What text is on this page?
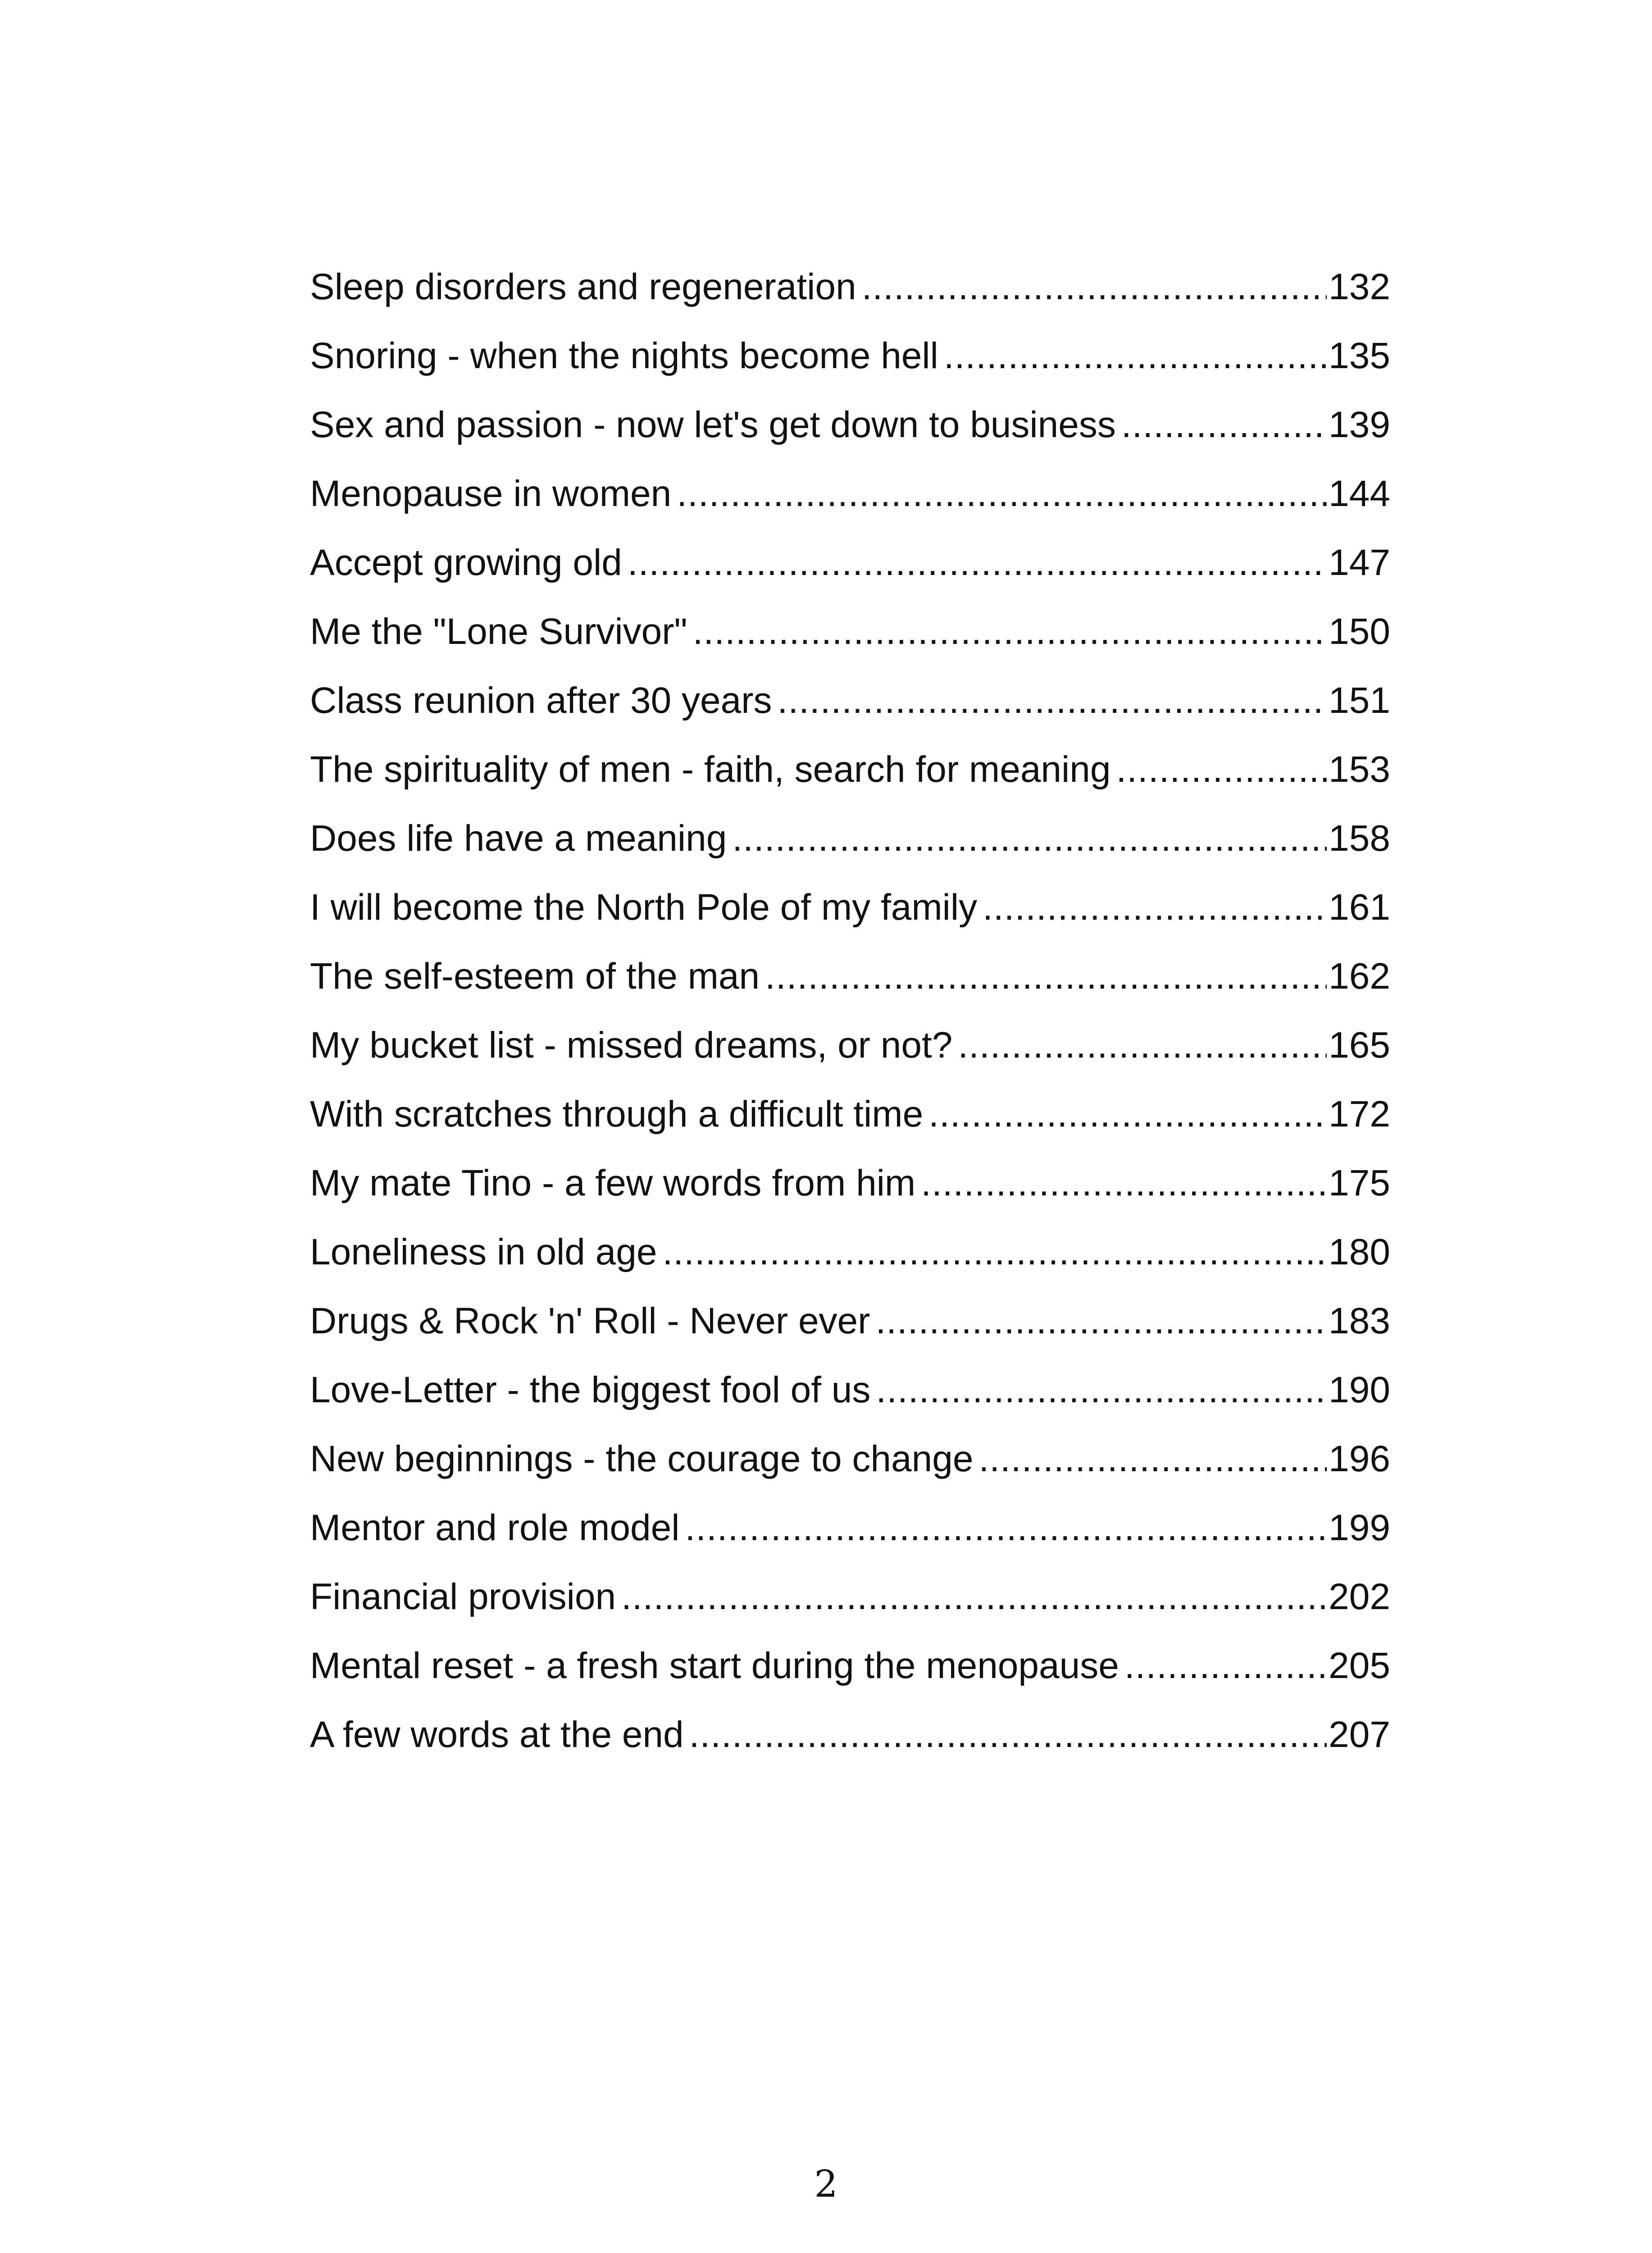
Sleep disorders and regeneration .....	132
Snoring - when the nights become hell .....	135
Sex and passion - now let's get down to business .....	139
Menopause in women .....	144
Accept growing old .....	147
Me the "Lone Survivor" .....	150
Class reunion after 30 years .....	151
The spirituality of men - faith, search for meaning .....	153
Does life have a meaning .....	158
I will become the North Pole of my family .....	161
The self-esteem of the man .....	162
My bucket list - missed dreams, or not? .....	165
With scratches through a difficult time .....	172
My mate Tino - a few words from him .....	175
Loneliness in old age .....	180
Drugs & Rock 'n' Roll - Never ever .....	183
Love-Letter - the biggest fool of us .....	190
New beginnings - the courage to change .....	196
Mentor and role model .....	199
Financial provision .....	202
Mental reset - a fresh start during the menopause .....	205
A few words at the end .....	207
2
